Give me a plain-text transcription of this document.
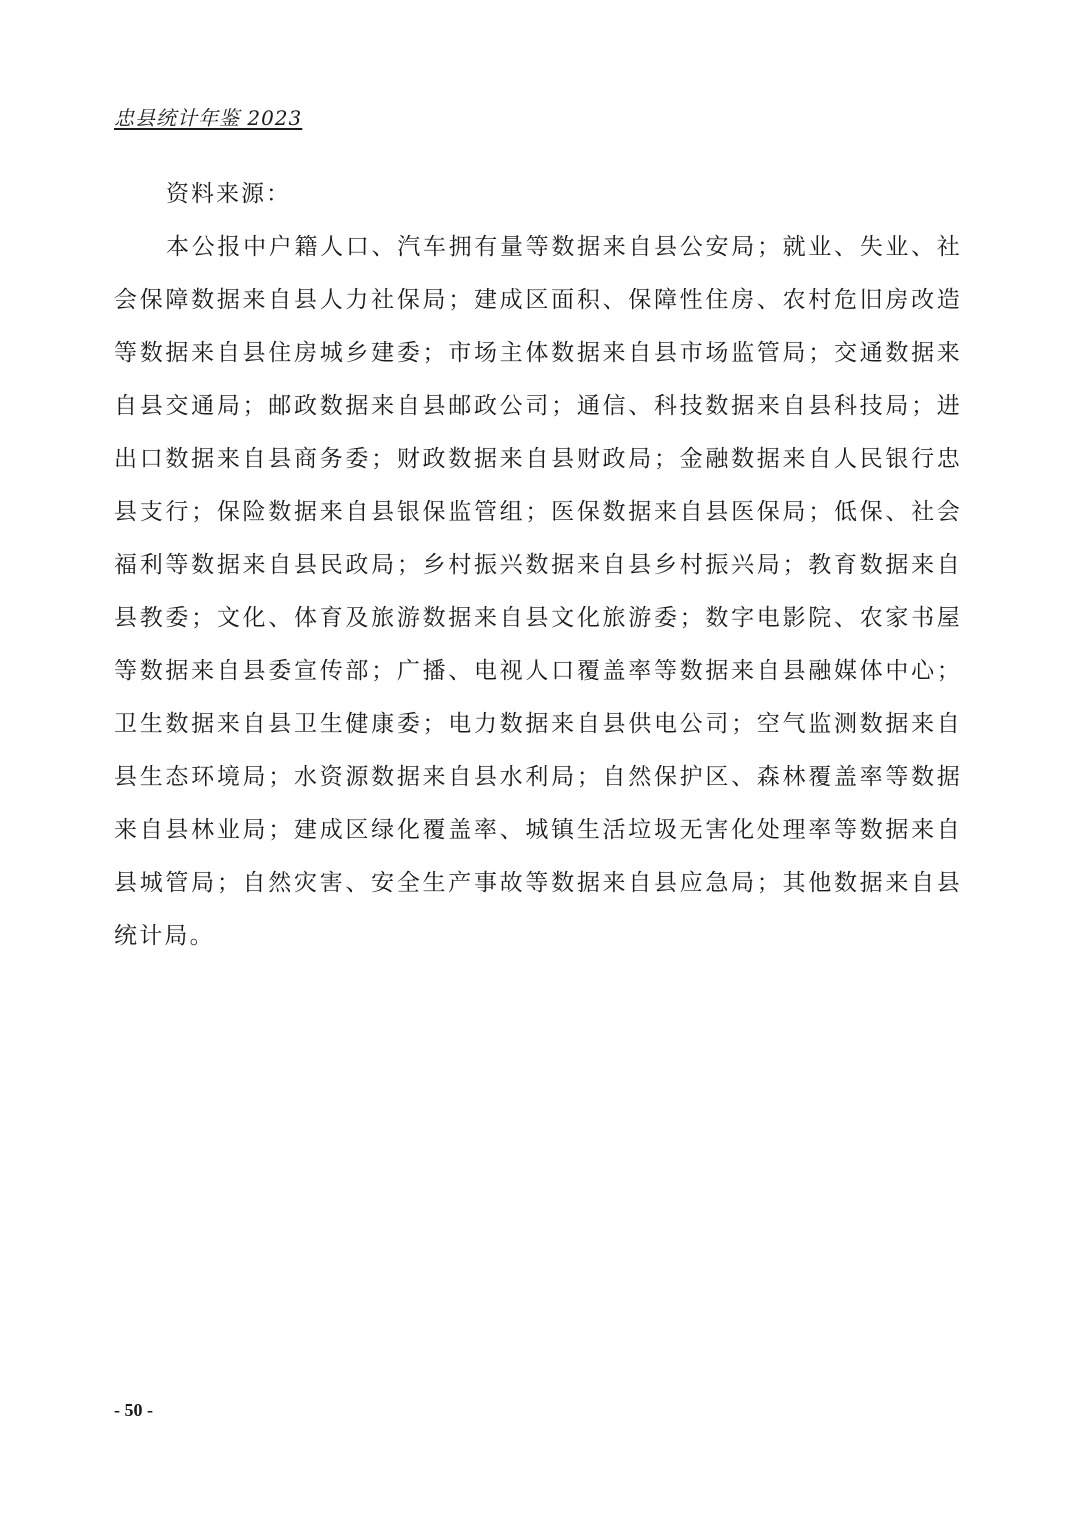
忠县统计年鉴 2023

资料来源：

本公报中户籍人口、汽车拥有量等数据来自县公安局；就业、失业、社会保障数据来自县人力社保局；建成区面积、保障性住房、农村危旧房改造等数据来自县住房城乡建委；市场主体数据来自县市场监管局；交通数据来自县交通局；邮政数据来自县邮政公司；通信、科技数据来自县科技局；进出口数据来自县商务委；财政数据来自县财政局；金融数据来自人民银行忠县支行；保险数据来自县银保监管组；医保数据来自县医保局；低保、社会福利等数据来自县民政局；乡村振兴数据来自县乡村振兴局；教育数据来自县教委；文化、体育及旅游数据来自县文化旅游委；数字电影院、农家书屋等数据来自县委宣传部；广播、电视人口覆盖率等数据来自县融媒体中心；卫生数据来自县卫生健康委；电力数据来自县供电公司；空气监测数据来自县生态环境局；水资源数据来自县水利局；自然保护区、森林覆盖率等数据来自县林业局；建成区绿化覆盖率、城镇生活垃圾无害化处理率等数据来自县城管局；自然灾害、安全生产事故等数据来自县应急局；其他数据来自县统计局。

- 50 -
